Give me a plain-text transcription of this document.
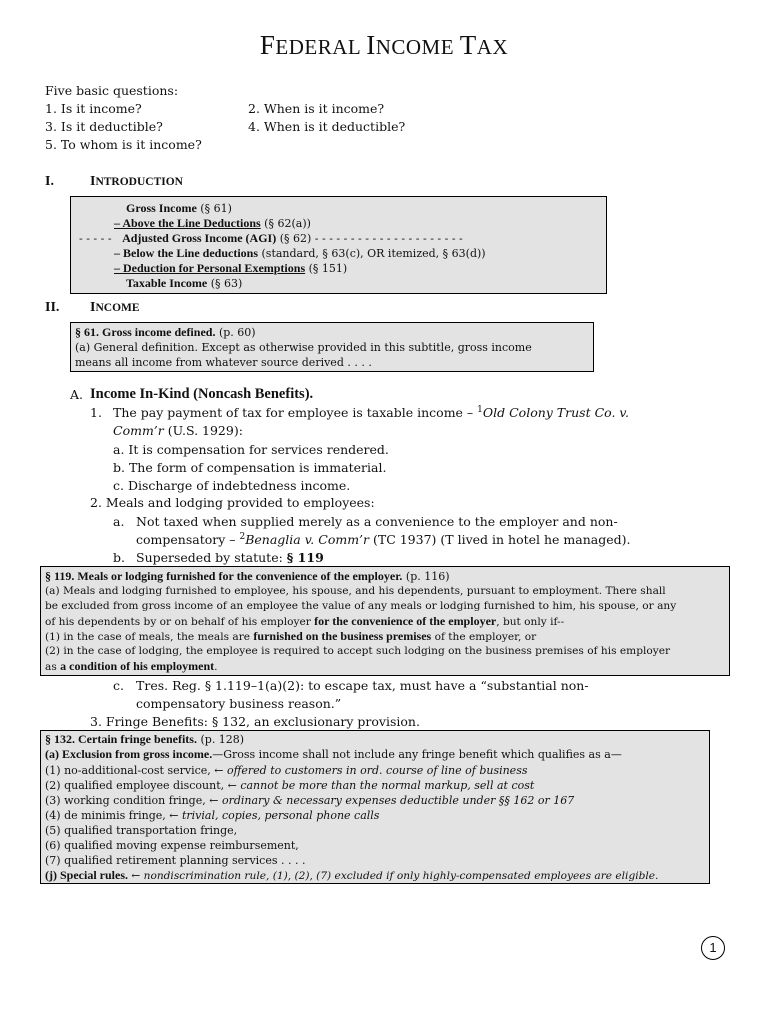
FEDERAL INCOME TAX
Five basic questions:
1. Is it income?	2. When is it income?
3. Is it deductible?	4. When is it deductible?
5. To whom is it income?
I.	INTRODUCTION
Gross Income (§ 61)
– Above the Line Deductions (§ 62(a))
- - - - - Adjusted Gross Income (AGI) (§ 62) - - - - - - - - - - - - - - - - - - - - -
– Below the Line deductions (standard, § 63(c), OR itemized, § 63(d))
– Deduction for Personal Exemptions (§ 151)
Taxable Income (§ 63)
II. INCOME
§ 61. Gross income defined. (p. 60)
(a) General definition. Except as otherwise provided in this subtitle, gross income
means all income from whatever source derived . . . .
A. Income In-Kind (Noncash Benefits).
1. The pay payment of tax for employee is taxable income – $^1$Old Colony Trust Co. v.
Comm’r (U.S. 1929):
a. It is compensation for services rendered.
b. The form of compensation is immaterial.
c. Discharge of indebtedness income.
2. Meals and lodging provided to employees:
a. Not taxed when supplied merely as a convenience to the employer and non-
compensatory – $^2$Benaglia v. Comm’r (TC 1937) (T lived in hotel he managed).
b. Superseded by statute: § 119
§ 119. Meals or lodging furnished for the convenience of the employer. (p. 116)
(a) Meals and lodging furnished to employee, his spouse, and his dependents, pursuant to employment. There shall
be excluded from gross income of an employee the value of any meals or lodging furnished to him, his spouse, or any
of his dependents by or on behalf of his employer for the convenience of the employer, but only if--
(1) in the case of meals, the meals are furnished on the business premises of the employer, or
(2) in the case of lodging, the employee is required to accept such lodging on the business premises of his employer
as a condition of his employment.
c. Tres. Reg. § 1.119–1(a)(2): to escape tax, must have a “substantial non-
compensatory business reason.”
3. Fringe Benefits: § 132, an exclusionary provision.
§ 132. Certain fringe benefits. (p. 128)
(a) Exclusion from gross income.—Gross income shall not include any fringe benefit which qualifies as a—
(1) no-additional-cost service, ← offered to customers in ord. course of line of business
(2) qualified employee discount, ← cannot be more than the normal markup, sell at cost
(3) working condition fringe, ← ordinary & necessary expenses deductible under §§ 162 or 167
(4) de minimis fringe, ← trivial, copies, personal phone calls
(5) qualified transportation fringe,
(6) qualified moving expense reimbursement,
(7) qualified retirement planning services . . . .
(j) Special rules. ← nondiscrimination rule, (1), (2), (7) excluded if only highly-compensated employees are eligible.
1
